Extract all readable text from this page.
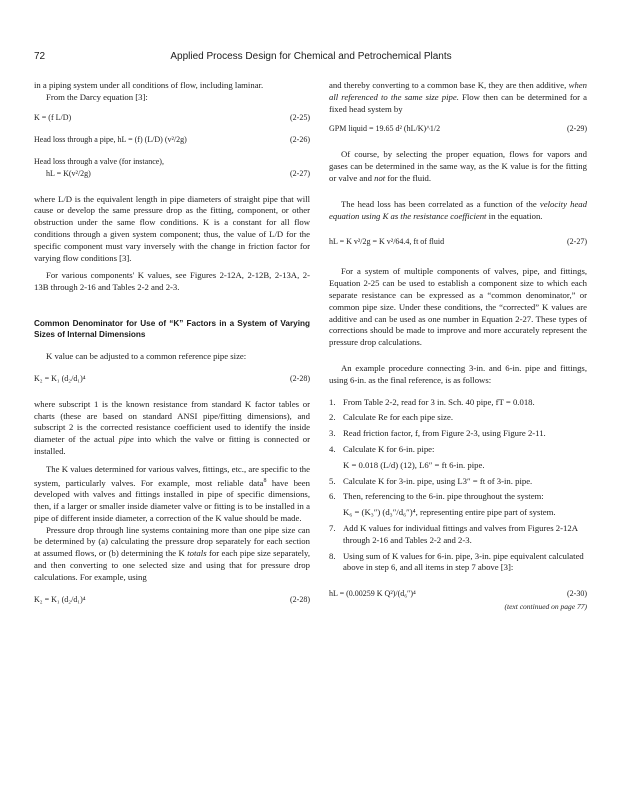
72	Applied Process Design for Chemical and Petrochemical Plants

in a piping system under all conditions of flow, including laminar.

From the Darcy equation [3]:

K = (f L/D)	(2-25)
Head loss through a pipe, hL = (f) (L/D) (v²/2g)	(2-26)
Head loss through a valve (for instance),
hL = K(v²/2g)	(2-27)

where L/D is the equivalent length in pipe diameters of straight pipe that will cause or develop the same pressure drop as the fitting, component, or other obstruction under the same flow conditions. K is a constant for all flow conditions through a given system component; thus, the value of L/D for the specific component must vary inversely with the change in friction factor for varying flow conditions [3].

For various components' K values, see Figures 2-12A, 2-12B, 2-13A, 2-13B through 2-16 and Tables 2-2 and 2-3.

Common Denominator for Use of “K” Factors in a System of Varying Sizes of Internal Dimensions

K value can be adjusted to a common reference pipe size:

K₂ = K₁ (d₂/d₁)⁴	(2-28)

where subscript 1 is the known resistance from standard K factor tables or charts (these are based on standard ANSI pipe/fitting dimensions), and subscript 2 is the corrected resistance coefficient used to identify the inside diameter of the actual pipe into which the valve or fitting is connected or installed.

The K values determined for various valves, fittings, etc., are specific to the system, particularly valves. For example, most reliable data$^8$ have been developed with valves and fittings installed in pipe of specific dimensions, then, if a larger or smaller inside diameter valve or fitting is to be installed in a pipe of different inside diameter, a correction of the K value should be made.

Pressure drop through line systems containing more than one pipe size can be determined by (a) calculating the pressure drop separately for each section at assumed flows, or (b) determining the K totals for each pipe size separately, and then converting to one selected size and using that for pressure drop calculations. For example, using

K₂ = K₁ (d₂/d₁)⁴	(2-28)

and thereby converting to a common base K, they are then additive, when all referenced to the same size pipe. Flow then can be determined for a fixed head system by

GPM liquid = 19.65 d² (hL/K)^1/2	(2-29)

Of course, by selecting the proper equation, flows for vapors and gases can be determined in the same way, as the K value is for the fitting or valve and not for the fluid.

The head loss has been correlated as a function of the velocity head equation using K as the resistance coefficient in the equation.

hL = K v²/2g = K v²/64.4, ft of fluid	(2-27)

For a system of multiple components of valves, pipe, and fittings, Equation 2-25 can be used to establish a component size to which each separate resistance can be expressed as a “common denominator,” or common pipe size. Under these conditions, the “corrected” K values are additive and can be used as one number in Equation 2-27. These types of corrections should be made to improve and more accurately represent the pressure drop calculations.

An example procedure connecting 3-in. and 6-in. pipe and fittings, using 6-in. as the final reference, is as follows:

1. From Table 2-2, read for 3 in. Sch. 40 pipe, fT = 0.018.
2. Calculate Re for each pipe size.
3. Read friction factor, f, from Figure 2-3, using Figure 2-11.
4. Calculate K for 6-in. pipe:
K = 0.018 (L/d) (12), L6″ = ft 6-in. pipe.
5. Calculate K for 3-in. pipe, using L3″ = ft of 3-in. pipe.
6. Then, referencing to the 6-in. pipe throughout the system:
K₆ = (K₃″) (d₃″/d₆″)⁴, representing entire pipe part of system.
7. Add K values for individual fittings and valves from Figures 2-12A through 2-16 and Tables 2-2 and 2-3.
8. Using sum of K values for 6-in. pipe, 3-in. pipe equivalent calculated above in step 6, and all items in step 7 above [3]:
hL = (0.00259 K Q²)/(d₆″)⁴	(2-30)
(text continued on page 77)
